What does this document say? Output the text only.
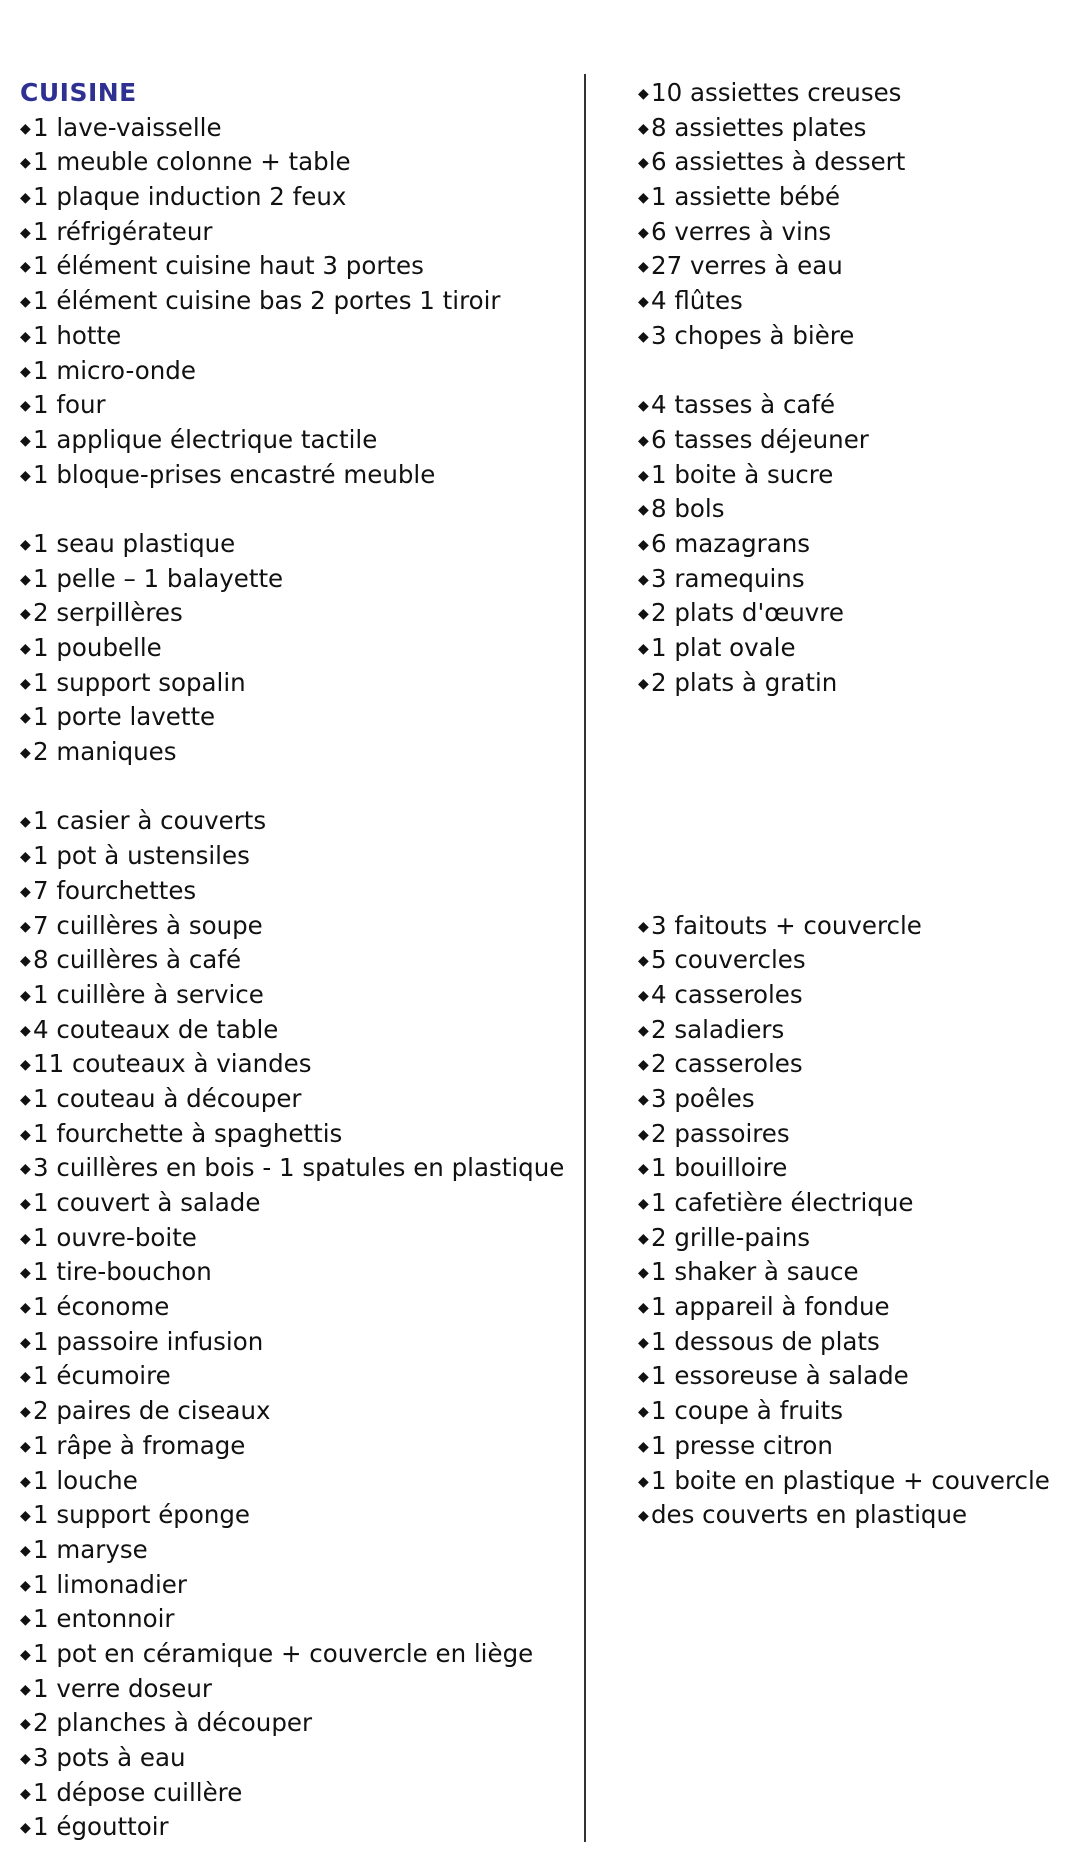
CUISINE
◆1 lave-vaisselle
◆1 meuble colonne + table
◆1 plaque induction 2 feux
◆1 réfrigérateur
◆1 élément cuisine haut 3 portes
◆1 élément cuisine bas 2 portes 1 tiroir
◆1 hotte
◆1 micro-onde
◆1 four
◆1 applique électrique tactile
◆1 bloque-prises encastré meuble
◆1 seau plastique
◆1 pelle – 1 balayette
◆2 serpillères
◆1 poubelle
◆1 support sopalin
◆1 porte lavette
◆2 maniques
◆1 casier à couverts
◆1 pot à ustensiles
◆7 fourchettes
◆7 cuillères à soupe
◆8 cuillères à café
◆1 cuillère à service
◆4 couteaux de table
◆11 couteaux à viandes
◆1 couteau à découper
◆1 fourchette à spaghettis
◆3 cuillères en bois - 1 spatules en plastique
◆1 couvert à salade
◆1 ouvre-boite
◆1 tire-bouchon
◆1 économe
◆1 passoire infusion
◆1 écumoire
◆2 paires de ciseaux
◆1 râpe à fromage
◆1 louche
◆1 support éponge
◆1 maryse
◆1 limonadier
◆1 entonnoir
◆1 pot en céramique + couvercle en liège
◆1 verre doseur
◆2 planches à découper
◆3 pots à eau
◆1 dépose cuillère
◆1 égouttoir
◆10 assiettes creuses
◆8 assiettes plates
◆6 assiettes à dessert
◆1 assiette bébé
◆6 verres à vins
◆27 verres à eau
◆4 flûtes
◆3 chopes à bière
◆4 tasses à café
◆6 tasses déjeuner
◆1 boite à sucre
◆8 bols
◆6 mazagrans
◆3 ramequins
◆2 plats d'œuvre
◆1 plat ovale
◆2 plats à gratin
◆3 faitouts + couvercle
◆5 couvercles
◆4 casseroles
◆2 saladiers
◆2 casseroles
◆3 poêles
◆2 passoires
◆1 bouilloire
◆1 cafetière électrique
◆2 grille-pains
◆1 shaker à sauce
◆1 appareil à fondue
◆1 dessous de plats
◆1 essoreuse à salade
◆1 coupe à fruits
◆1 presse citron
◆1 boite en plastique + couvercle
◆des couverts en plastique
